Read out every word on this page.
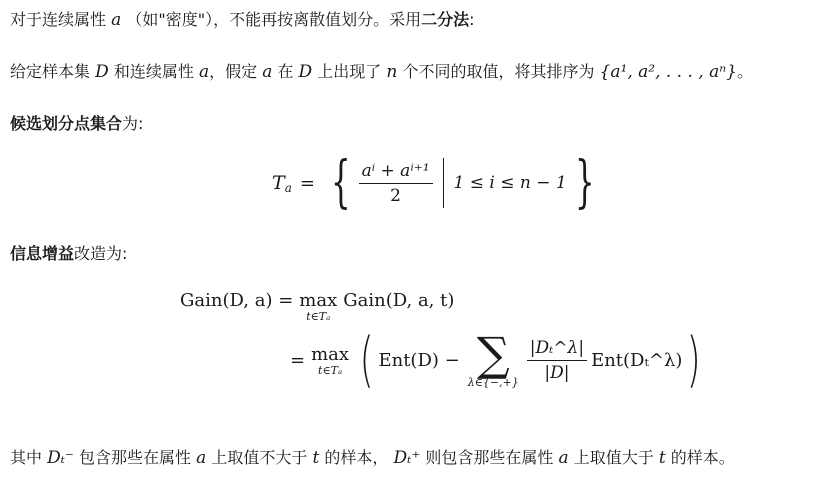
对于连续属性 a （如"密度"），不能再按离散值划分。采用二分法:
给定样本集 D 和连续属性 a，假定 a 在 D 上出现了 n 个不同的取值，将其排序为 {a¹, a², . . . , aⁿ}。
候选划分点集合为:
T a = { $\frac{\text{aⁱ + aⁱ⁺¹}}{2} 1 \le i \le n - 1$ }
信息增益改造为:
Gain(D, a) = max
t∈Tₐ
Gain(D, a, t)
= max
t∈Tₐ ( Ent(D) − ∑
λ∈{−,+} $\frac{\text{|Dₜ\textasciicircum{}λ|}}{|D|}$ Ent(Dₜ^λ) )
其中 Dₜ⁻ 包含那些在属性 a 上取值不大于 t 的样本， Dₜ⁺ 则包含那些在属性 a 上取值大于 t 的样本。
